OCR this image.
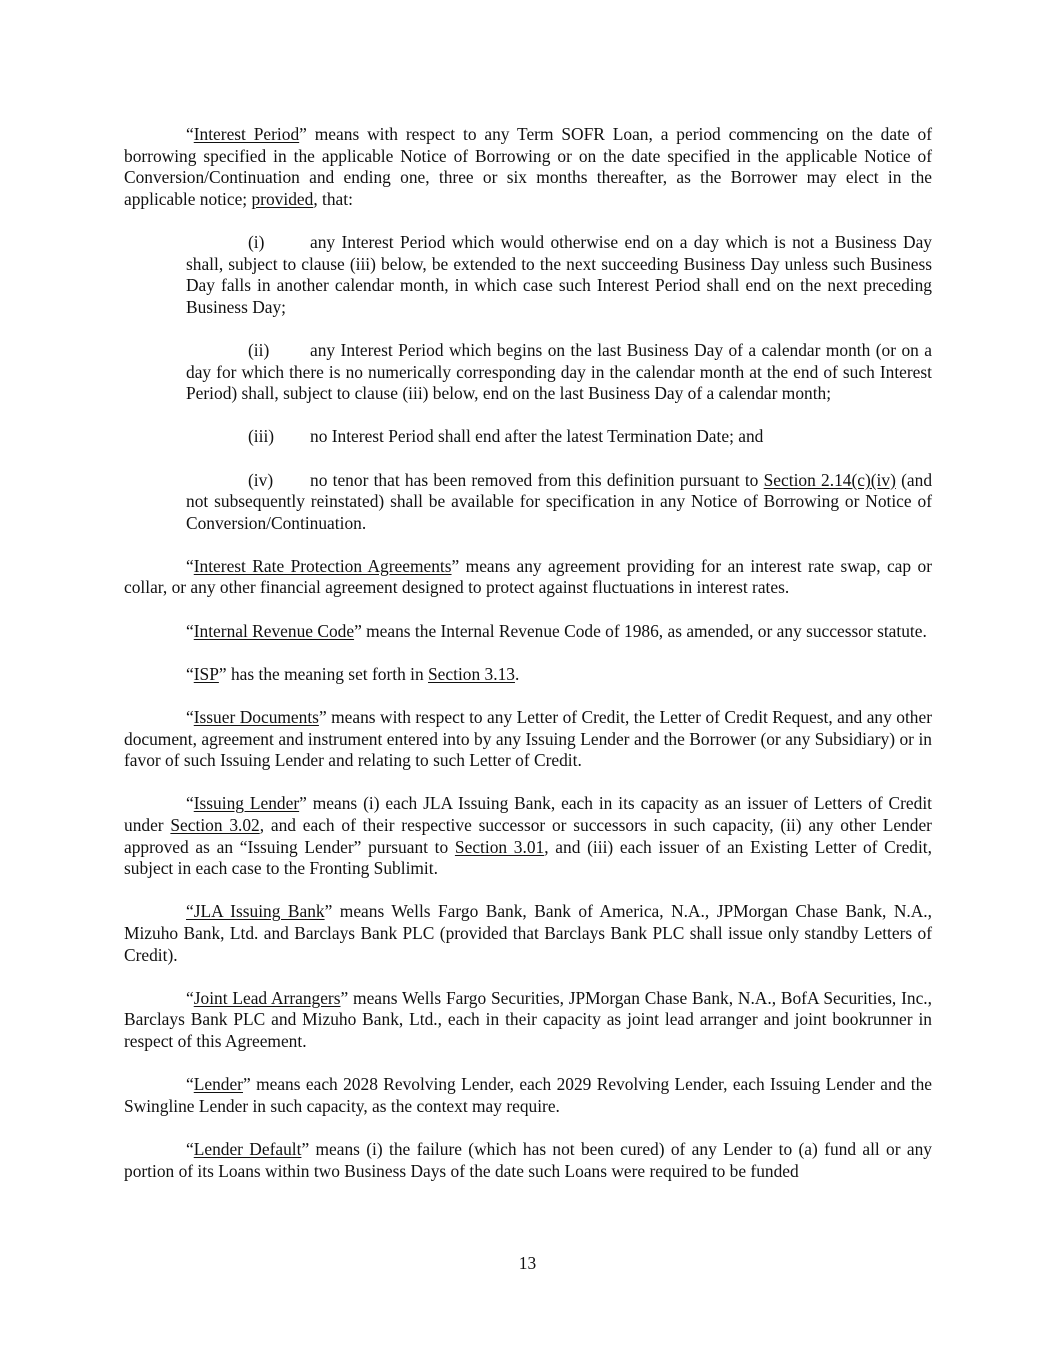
“Interest Period” means with respect to any Term SOFR Loan, a period commencing on the date of borrowing specified in the applicable Notice of Borrowing or on the date specified in the applicable Notice of Conversion/Continuation and ending one, three or six months thereafter, as the Borrower may elect in the applicable notice; provided, that:

(i)	any Interest Period which would otherwise end on a day which is not a Business Day shall, subject to clause (iii) below, be extended to the next succeeding Business Day unless such Business Day falls in another calendar month, in which case such Interest Period shall end on the next preceding Business Day;

(ii) any Interest Period which begins on the last Business Day of a calendar month (or on a day for which there is no numerically corresponding day in the calendar month at the end of such Interest Period) shall, subject to clause (iii) below, end on the last Business Day of a calendar month;

(iii) no Interest Period shall end after the latest Termination Date; and

(iv) no tenor that has been removed from this definition pursuant to Section 2.14(c)(iv) (and not subsequently reinstated) shall be available for specification in any Notice of Borrowing or Notice of Conversion/Continuation.

“Interest Rate Protection Agreements” means any agreement providing for an interest rate swap, cap or collar, or any other financial agreement designed to protect against fluctuations in interest rates.

“Internal Revenue Code” means the Internal Revenue Code of 1986, as amended, or any successor statute.

“ISP” has the meaning set forth in Section 3.13.

“Issuer Documents” means with respect to any Letter of Credit, the Letter of Credit Request, and any other document, agreement and instrument entered into by any Issuing Lender and the Borrower (or any Subsidiary) or in favor of such Issuing Lender and relating to such Letter of Credit.

“Issuing Lender” means (i) each JLA Issuing Bank, each in its capacity as an issuer of Letters of Credit under Section 3.02, and each of their respective successor or successors in such capacity, (ii) any other Lender approved as an “Issuing Lender” pursuant to Section 3.01, and (iii) each issuer of an Existing Letter of Credit, subject in each case to the Fronting Sublimit.

“JLA Issuing Bank” means Wells Fargo Bank, Bank of America, N.A., JPMorgan Chase Bank, N.A., Mizuho Bank, Ltd. and Barclays Bank PLC (provided that Barclays Bank PLC shall issue only standby Letters of Credit).

“Joint Lead Arrangers” means Wells Fargo Securities, JPMorgan Chase Bank, N.A., BofA Securities, Inc., Barclays Bank PLC and Mizuho Bank, Ltd., each in their capacity as joint lead arranger and joint bookrunner in respect of this Agreement.

“Lender” means each 2028 Revolving Lender, each 2029 Revolving Lender, each Issuing Lender and the Swingline Lender in such capacity, as the context may require.

“Lender Default” means (i) the failure (which has not been cured) of any Lender to (a) fund all or any portion of its Loans within two Business Days of the date such Loans were required to be funded

13
